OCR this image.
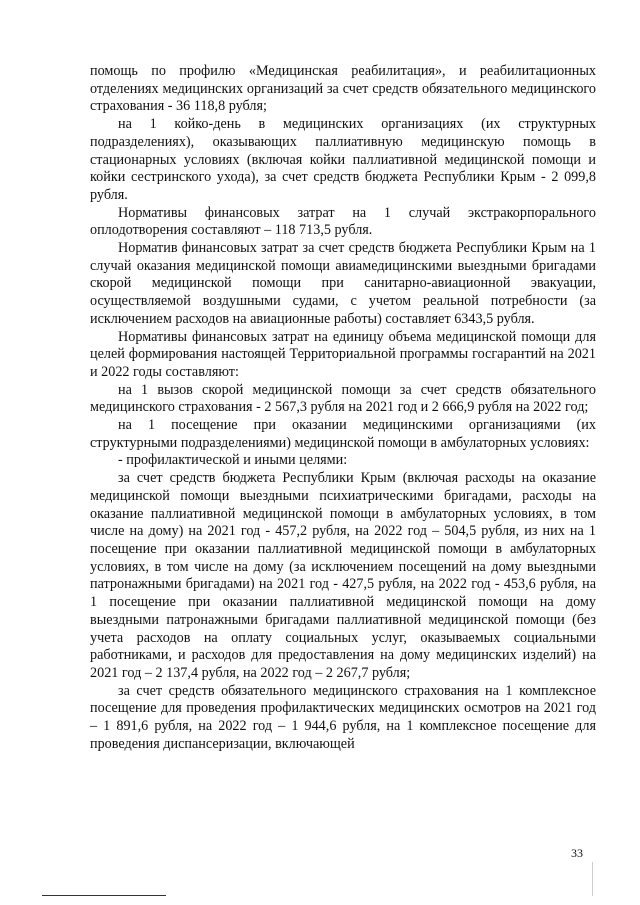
помощь по профилю «Медицинская реабилитация», и реабилитационных отделениях медицинских организаций за счет средств обязательного медицинского страхования - 36 118,8 рубля;

на 1 койко-день в медицинских организациях (их структурных подразделениях), оказывающих паллиативную медицинскую помощь в стационарных условиях (включая койки паллиативной медицинской помощи и койки сестринского ухода), за счет средств бюджета Республики Крым - 2 099,8 рубля.

Нормативы финансовых затрат на 1 случай экстракорпорального оплодотворения составляют – 118 713,5 рубля.

Норматив финансовых затрат за счет средств бюджета Республики Крым на 1 случай оказания медицинской помощи авиамедицинскими выездными бригадами скорой медицинской помощи при санитарно-авиационной эвакуации, осуществляемой воздушными судами, с учетом реальной потребности (за исключением расходов на авиационные работы) составляет 6343,5 рубля.

Нормативы финансовых затрат на единицу объема медицинской помощи для целей формирования настоящей Территориальной программы госгарантий на 2021 и 2022 годы составляют:

на 1 вызов скорой медицинской помощи за счет средств обязательного медицинского страхования - 2 567,3 рубля на 2021 год и 2 666,9 рубля на 2022 год;

на 1 посещение при оказании медицинскими организациями (их структурными подразделениями) медицинской помощи в амбулаторных условиях:

- профилактической и иными целями:

за счет средств бюджета Республики Крым (включая расходы на оказание медицинской помощи выездными психиатрическими бригадами, расходы на оказание паллиативной медицинской помощи в амбулаторных условиях, в том числе на дому) на 2021 год - 457,2 рубля, на 2022 год – 504,5 рубля, из них на 1 посещение при оказании паллиативной медицинской помощи в амбулаторных условиях, в том числе на дому (за исключением посещений на дому выездными патронажными бригадами) на 2021 год - 427,5 рубля, на 2022 год - 453,6 рубля, на 1 посещение при оказании паллиативной медицинской помощи на дому выездными патронажными бригадами паллиативной медицинской помощи (без учета расходов на оплату социальных услуг, оказываемых социальными работниками, и расходов для предоставления на дому медицинских изделий) на 2021 год – 2 137,4 рубля, на 2022 год – 2 267,7 рубля;

за счет средств обязательного медицинского страхования на 1 комплексное посещение для проведения профилактических медицинских осмотров на 2021 год – 1 891,6 рубля, на 2022 год – 1 944,6 рубля, на 1 комплексное посещение для проведения диспансеризации, включающей

33
